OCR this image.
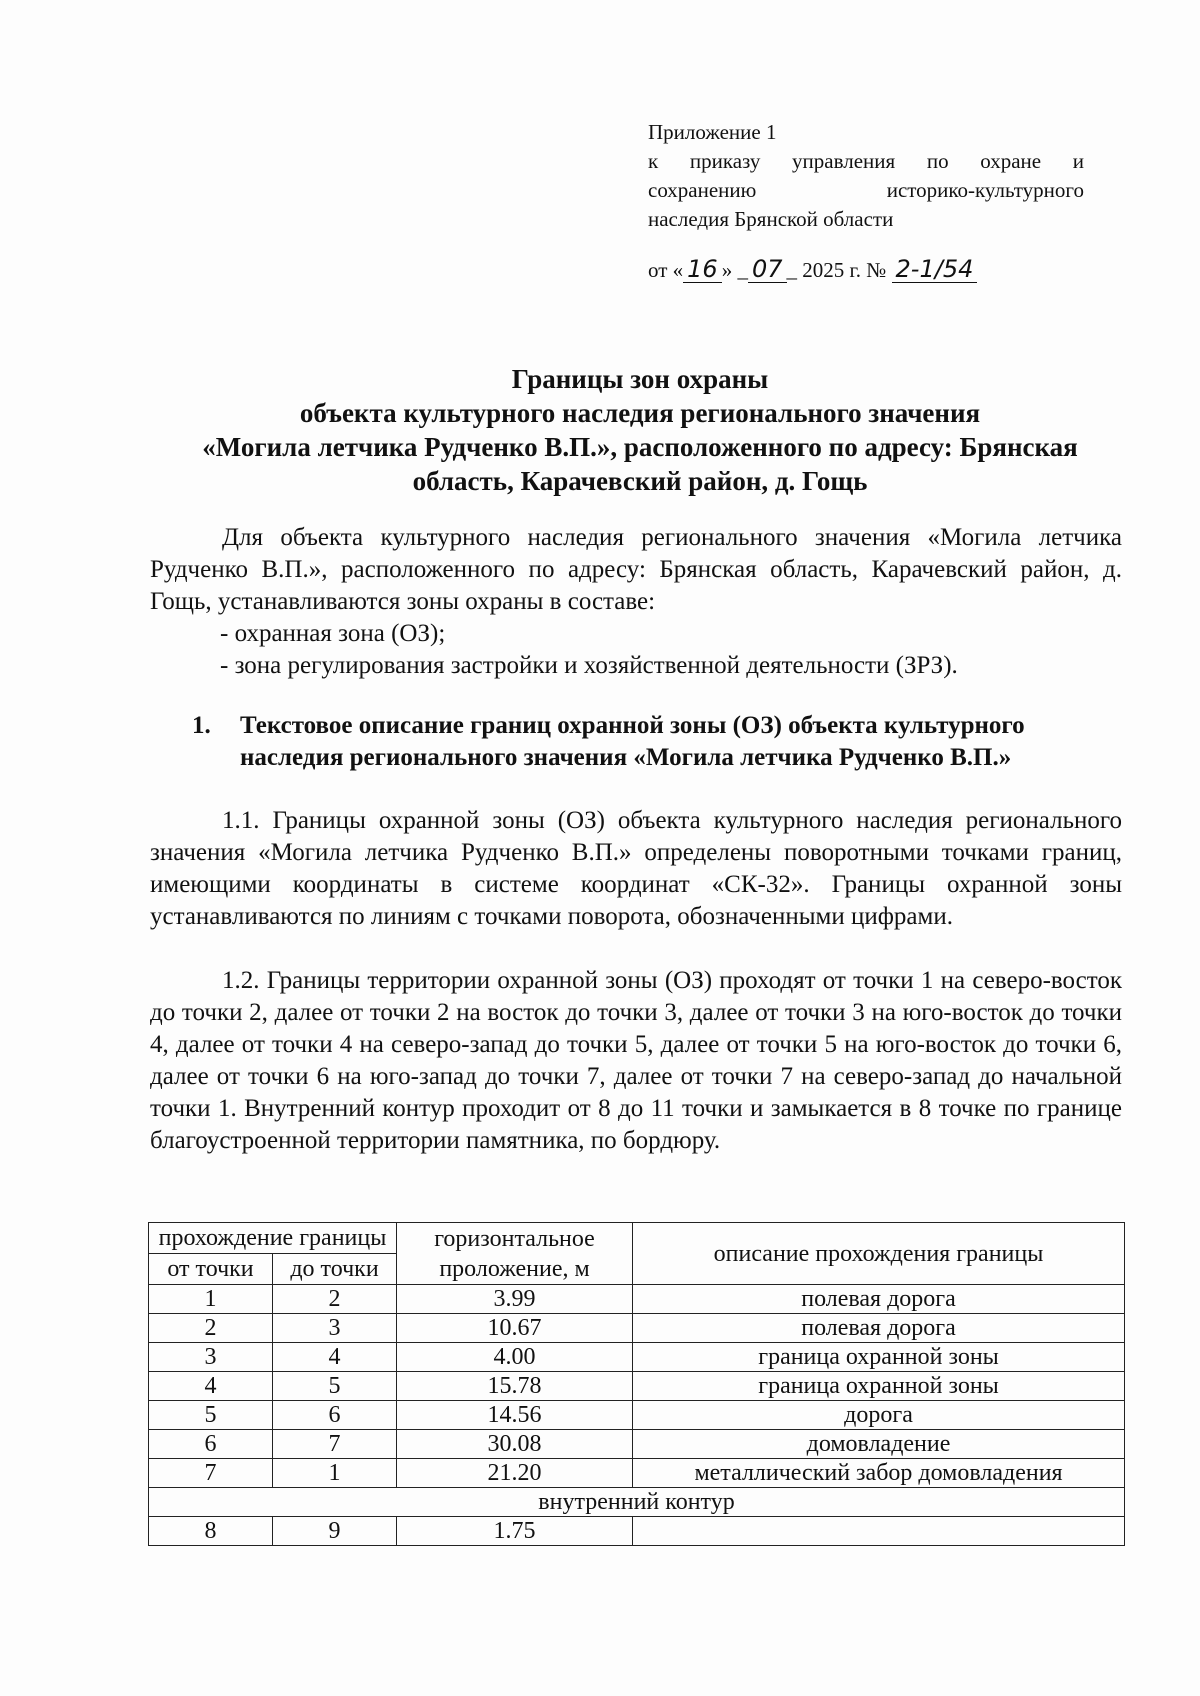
Приложение 1

к приказу управления по охране и
сохранению историко-культурного

наследия Брянской области

от « 16 » _ 07 _ 2025 г. № 2-1/54
Границы зон охраны
объекта культурного наследия регионального значения
«Могила летчика Рудченко В.П.», расположенного по адресу: Брянская
область, Карачевский район, д. Гощь

Для объекта культурного наследия регионального значения «Могила летчика Рудченко В.П.», расположенного по адресу: Брянская область, Карачевский район, д. Гощь, устанавливаются зоны охраны в составе:

- охранная зона (ОЗ);

- зона регулирования застройки и хозяйственной деятельности (ЗРЗ).

1. Текстовое описание границ охранной зоны (ОЗ) объекта культурного
наследия регионального значения «Могила летчика Рудченко В.П.»

1.1. Границы охранной зоны (ОЗ) объекта культурного наследия регионального значения «Могила летчика Рудченко В.П.» определены поворотными точками границ, имеющими координаты в системе координат «СК-32». Границы охранной зоны устанавливаются по линиям с точками поворота, обозначенными цифрами.

1.2. Границы территории охранной зоны (ОЗ) проходят от точки 1 на северо-восток до точки 2, далее от точки 2 на восток до точки 3, далее от точки 3 на юго-восток до точки 4, далее от точки 4 на северо-запад до точки 5, далее от точки 5 на юго-восток до точки 6, далее от точки 6 на юго-запад до точки 7, далее от точки 7 на северо-запад до начальной точки 1. Внутренний контур проходит от 8 до 11 точки и замыкается в 8 точке по границе благоустроенной территории памятника, по бордюру.

прохождение границы		горизонтальное проложение, м	описание прохождения границы
от точки	до точки		
1	2	3.99	полевая дорога
2	3	10.67	полевая дорога
3	4	4.00	граница охранной зоны
4	5	15.78	граница охранной зоны
5	6	14.56	дорога
6	7	30.08	домовладение
7	1	21.20	металлический забор домовладения
внутренний контур			
8	9	1.75	
